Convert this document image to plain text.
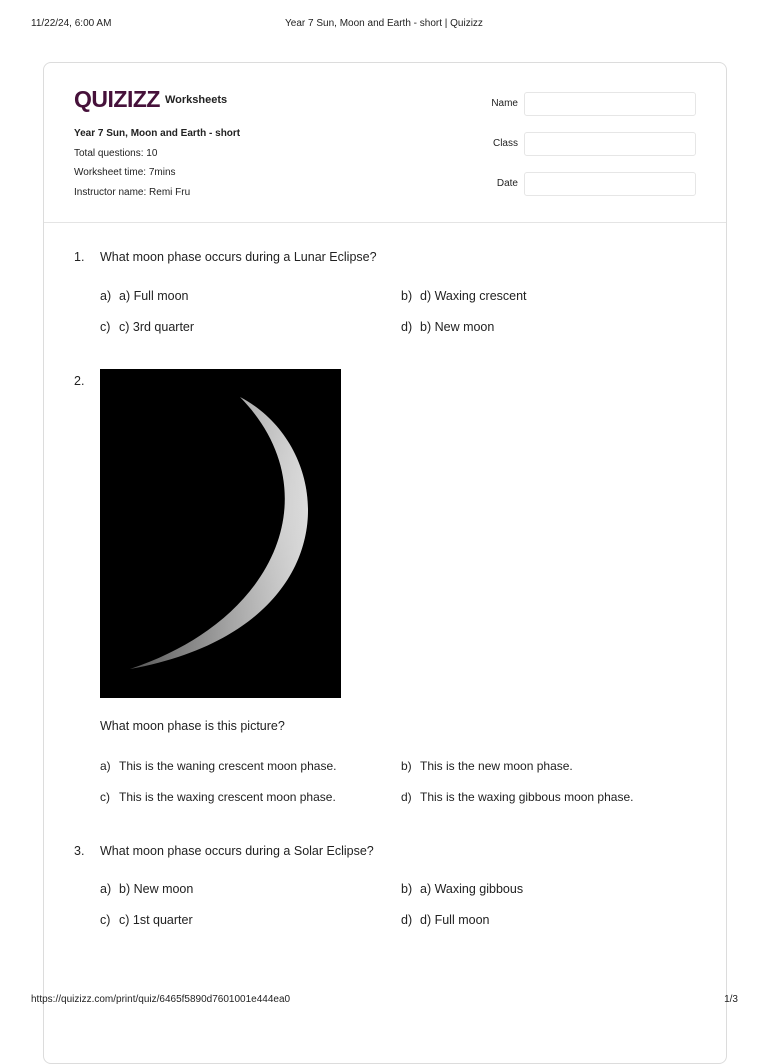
11/22/24, 6:00 AM	Year 7 Sun, Moon and Earth - short | Quizizz
QUIZIZZ Worksheets
Year 7 Sun, Moon and Earth - short
Total questions: 10
Worksheet time: 7mins
Instructor name: Remi Fru
Name
Class
Date
1. What moon phase occurs during a Lunar Eclipse?
a) a) Full moon	b) d) Waxing crescent
c) c) 3rd quarter	d) b) New moon
2.
What moon phase is this picture?
a) This is the waning crescent moon phase.	b) This is the new moon phase.
c) This is the waxing crescent moon phase.	d) This is the waxing gibbous moon phase.
3. What moon phase occurs during a Solar Eclipse?
a) b) New moon	b) a) Waxing gibbous
c) c) 1st quarter	d) d) Full moon
https://quizizz.com/print/quiz/6465f5890d7601001e444ea0	1/3
